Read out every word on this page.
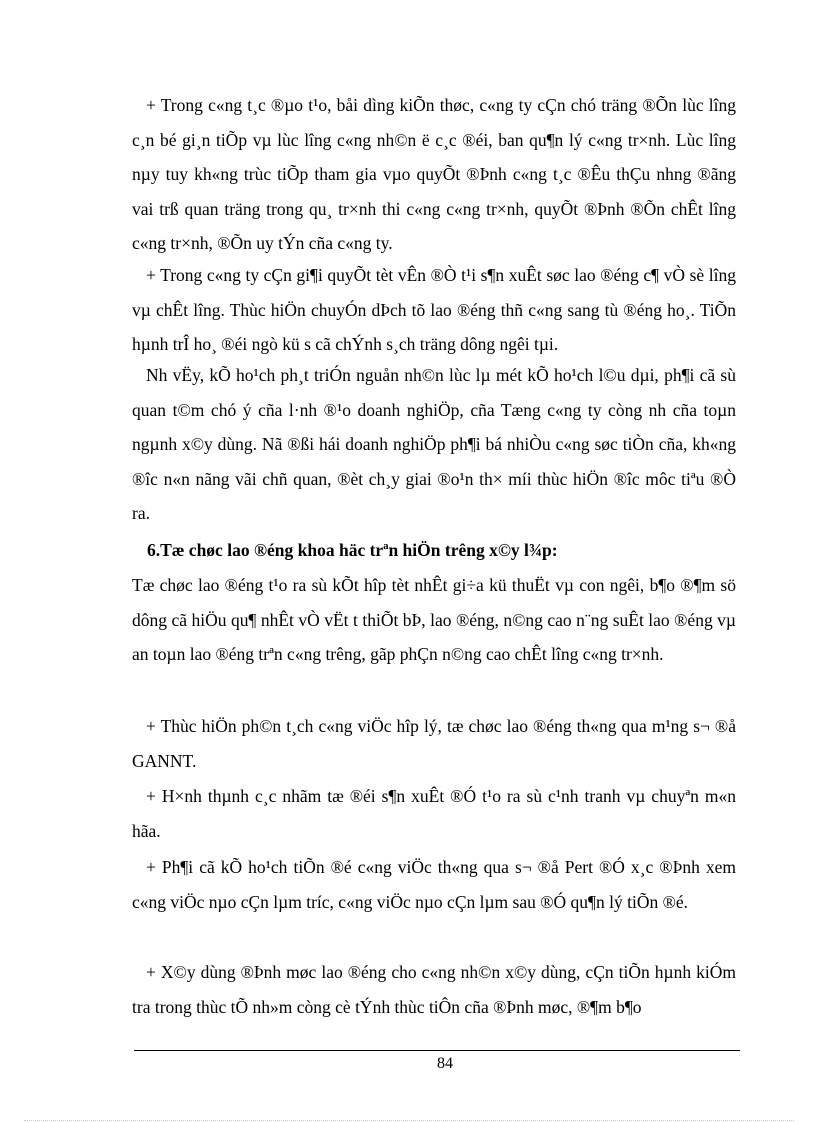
+ Trong c«ng t¸c ®µo t¹o, båi dìng kiÕn thøc, c«ng ty cÇn chó träng ®Õn lùc lîng c¸n bé gi¸n tiÕp vµ lùc lîng c«ng nh©n ë c¸c ®éi, ban qu¶n lý c«ng tr×nh. Lùc lîng nµy tuy kh«ng trùc tiÕp tham gia vµo quyÕt ®Þnh c«ng t¸c ®Êu thÇu nhng ®ãng vai trß quan träng trong qu¸ tr×nh thi c«ng c«ng tr×nh, quyÕt ®Þnh ®Õn chÊt lîng c«ng tr×nh, ®Õn uy tÝn cña c«ng ty.

+ Trong c«ng ty cÇn gi¶i quyÕt tèt vÊn ®Ò t¹i s¶n xuÊt søc lao ®éng c¶ vÒ sè lîng vµ chÊt lîng. Thùc hiÖn chuyÓn dÞch tõ lao ®éng thñ c«ng sang tù ®éng ho¸. TiÕn hµnh trÎ ho¸ ®éi ngò kü s cã chÝnh s¸ch träng dông ngêi tµi.

Nh vËy, kÕ ho¹ch ph¸t triÓn nguån nh©n lùc lµ mét kÕ ho¹ch l©u dµi, ph¶i cã sù quan t©m chó ý cña l·nh ®¹o doanh nghiÖp, cña Tæng c«ng ty còng nh cña toµn ngµnh x©y dùng. Nã ®ßi hái doanh nghiÖp ph¶i bá nhiÒu c«ng søc tiÒn cña, kh«ng ®îc n«n nãng vãi chñ quan, ®èt ch¸y giai ®o¹n th× míi thùc hiÖn ®îc môc tiªu ®Ò ra.

6.Tæ chøc lao ®éng khoa häc trªn hiÖn trêng x©y l¾p:

Tæ chøc lao ®éng t¹o ra sù kÕt hîp tèt nhÊt gi÷a kü thuËt vµ con ngêi, b¶o ®¶m sö dông cã hiÖu qu¶ nhÊt vÒ vËt t thiÕt bÞ, lao ®éng, n©ng cao n¨ng suÊt lao ®éng vµ an toµn lao ®éng trªn c«ng trêng, gãp phÇn n©ng cao chÊt lîng c«ng tr×nh.

+ Thùc hiÖn ph©n t¸ch c«ng viÖc hîp lý, tæ chøc lao ®éng th«ng qua m¹ng s¬ ®å GANNT.

+ H×nh thµnh c¸c nhãm tæ ®éi s¶n xuÊt ®Ó t¹o ra sù c¹nh tranh vµ chuyªn m«n hãa.

+ Ph¶i cã kÕ ho¹ch tiÕn ®é c«ng viÖc th«ng qua s¬ ®å Pert ®Ó x¸c ®Þnh xem c«ng viÖc nµo cÇn lµm tríc, c«ng viÖc nµo cÇn lµm sau ®Ó qu¶n lý tiÕn ®é.

+ X©y dùng ®Þnh møc lao ®éng cho c«ng nh©n x©y dùng, cÇn tiÕn hµnh kiÓm tra trong thùc tÕ nh»m còng cè tÝnh thùc tiÔn cña ®Þnh møc, ®¶m b¶o

84
